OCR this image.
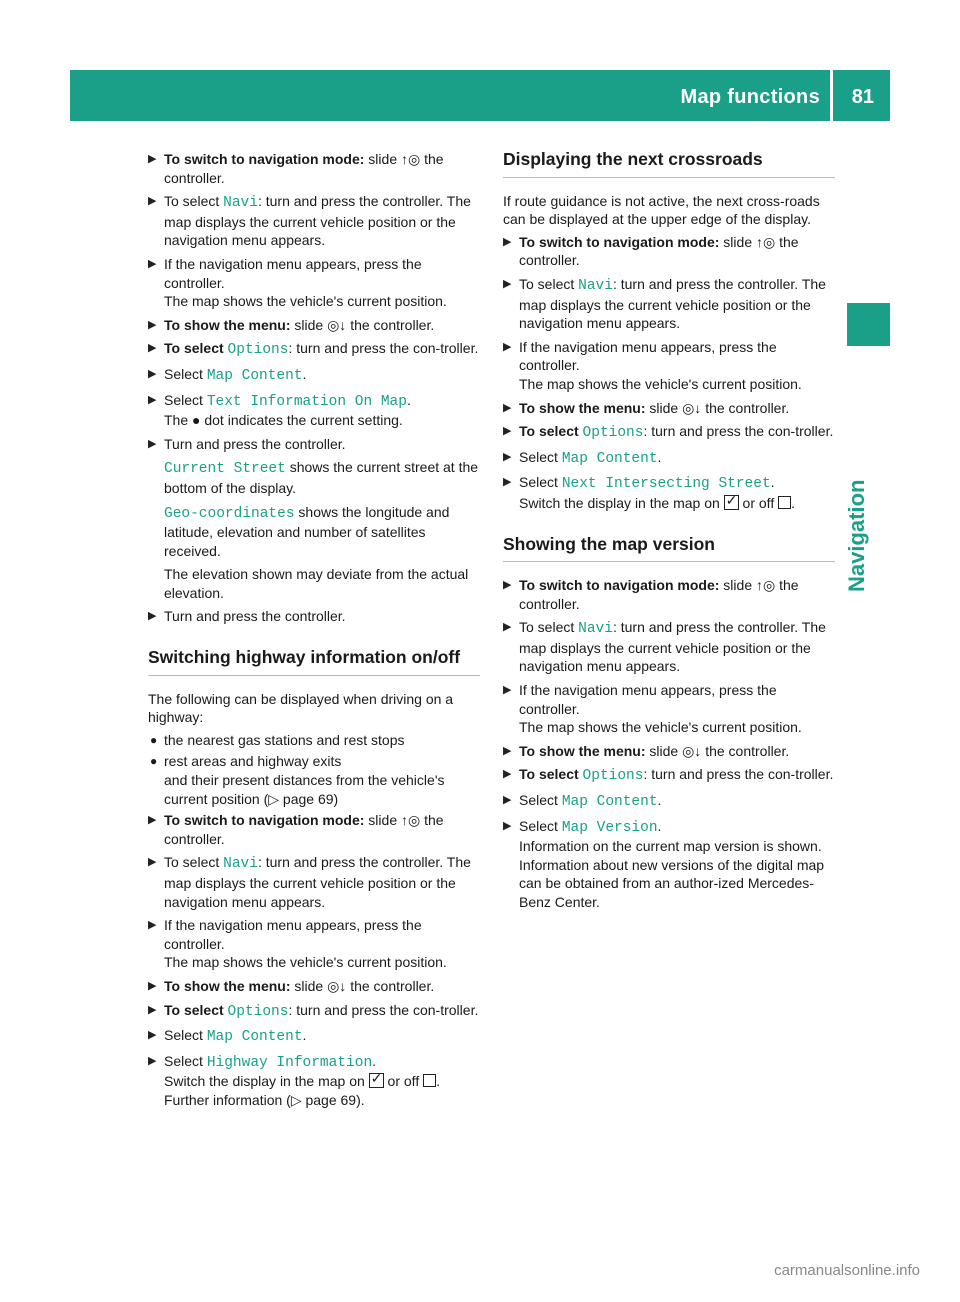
Map functions 81
Navigation
▶ To switch to navigation mode: slide ↑◎ the controller.
▶ To select Navi: turn and press the controller. The map displays the current vehicle position or the navigation menu appears.
▶ If the navigation menu appears, press the controller.
The map shows the vehicle's current position.
▶ To show the menu: slide ◎↓ the controller.
▶ To select Options: turn and press the con-troller.
▶ Select Map Content.
▶ Select Text Information On Map.
The ● dot indicates the current setting.
▶ Turn and press the controller.
Current Street shows the current street at the bottom of the display.
Geo-coordinates shows the longitude and latitude, elevation and number of satellites received.
The elevation shown may deviate from the actual elevation.
▶ Turn and press the controller.
Switching highway information on/off
The following can be displayed when driving on a highway:
● the nearest gas stations and rest stops
● rest areas and highway exits
and their present distances from the vehicle's current position (▷ page 69)
▶ To switch to navigation mode: slide ↑◎ the controller.
▶ To select Navi: turn and press the controller. The map displays the current vehicle position or the navigation menu appears.
▶ If the navigation menu appears, press the controller.
The map shows the vehicle's current position.
▶ To show the menu: slide ◎↓ the controller.
▶ To select Options: turn and press the con-troller.
▶ Select Map Content.
▶ Select Highway Information.
Switch the display in the map on ✓ or off .
Further information (▷ page 69).
Displaying the next crossroads
If route guidance is not active, the next cross-roads can be displayed at the upper edge of the display.
▶ To switch to navigation mode: slide ↑◎ the controller.
▶ To select Navi: turn and press the controller. The map displays the current vehicle position or the navigation menu appears.
▶ If the navigation menu appears, press the controller.
The map shows the vehicle's current position.
▶ To show the menu: slide ◎↓ the controller.
▶ To select Options: turn and press the con-troller.
▶ Select Map Content.
▶ Select Next Intersecting Street.
Switch the display in the map on ✓ or off .
Showing the map version
▶ To switch to navigation mode: slide ↑◎ the controller.
▶ To select Navi: turn and press the controller. The map displays the current vehicle position or the navigation menu appears.
▶ If the navigation menu appears, press the controller.
The map shows the vehicle's current position.
▶ To show the menu: slide ◎↓ the controller.
▶ To select Options: turn and press the con-troller.
▶ Select Map Content.
▶ Select Map Version.
Information on the current map version is shown. Information about new versions of the digital map can be obtained from an author-ized Mercedes-Benz Center.
carmanualsonline.info
